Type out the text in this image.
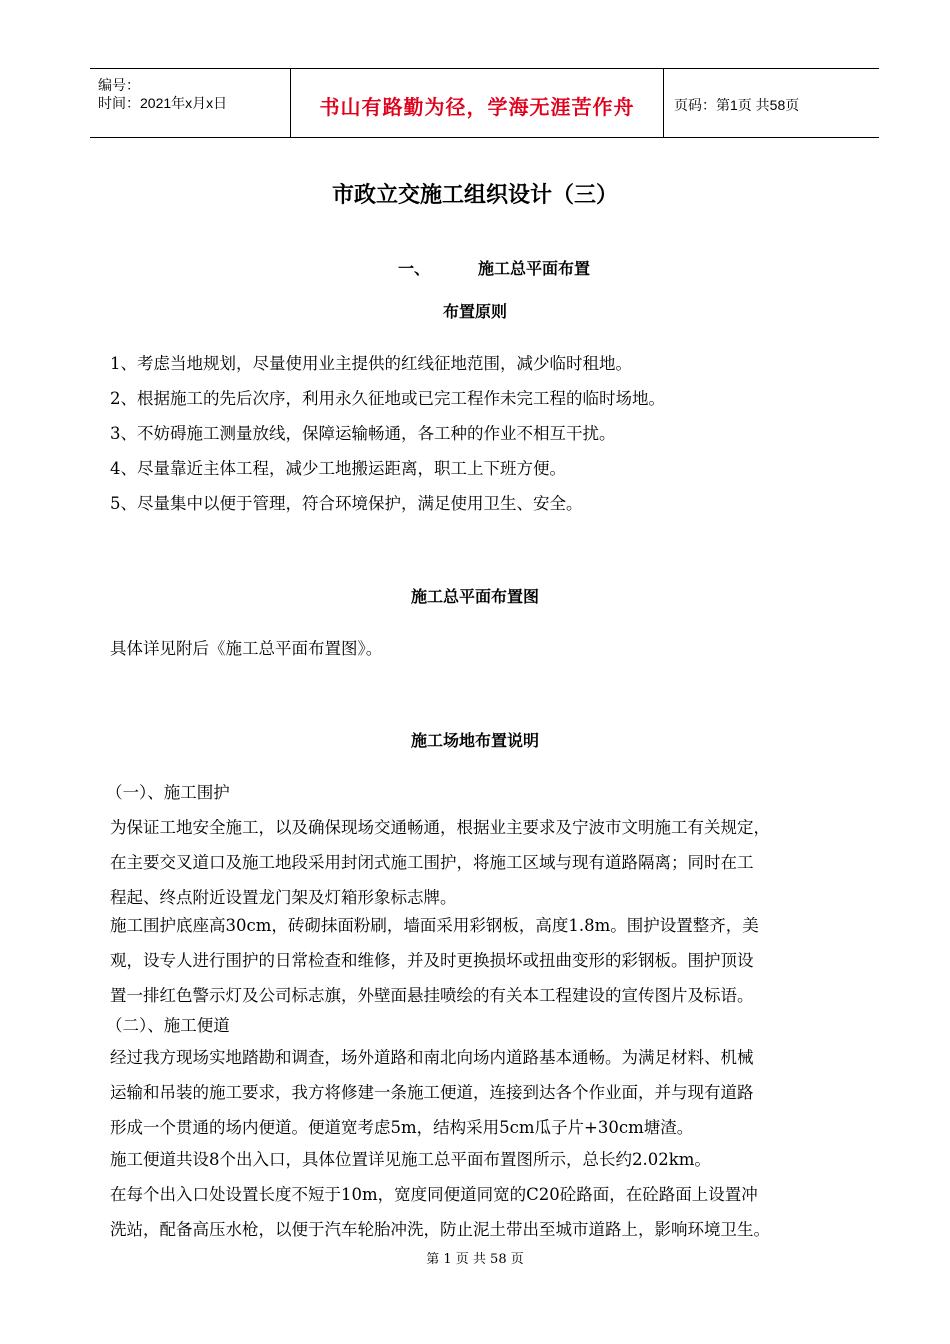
编号：
时间：2021年x月x日	书山有路勤为径，学海无涯苦作舟	页码：第1页 共58页
市政立交施工组织设计（三）
一、	施工总平面布置
布置原则
1、考虑当地规划，尽量使用业主提供的红线征地范围，减少临时租地。
2、根据施工的先后次序，利用永久征地或已完工程作未完工程的临时场地。
3、不妨碍施工测量放线，保障运输畅通，各工种的作业不相互干扰。
4、尽量靠近主体工程，减少工地搬运距离，职工上下班方便。
5、尽量集中以便于管理，符合环境保护，满足使用卫生、安全。
施工总平面布置图
具体详见附后《施工总平面布置图》。
施工场地布置说明
（一）、施工围护
为保证工地安全施工，以及确保现场交通畅通，根据业主要求及宁波市文明施工有关规定，
在主要交叉道口及施工地段采用封闭式施工围护，将施工区域与现有道路隔离；同时在工
程起、终点附近设置龙门架及灯箱形象标志牌。
施工围护底座高30cm，砖砌抹面粉刷，墙面采用彩钢板，高度1.8m。围护设置整齐，美
观，设专人进行围护的日常检查和维修，并及时更换损坏或扭曲变形的彩钢板。围护顶设
置一排红色警示灯及公司标志旗，外壁面悬挂喷绘的有关本工程建设的宣传图片及标语。
（二）、施工便道
经过我方现场实地踏勘和调查，场外道路和南北向场内道路基本通畅。为满足材料、机械
运输和吊装的施工要求，我方将修建一条施工便道，连接到达各个作业面，并与现有道路
形成一个贯通的场内便道。便道宽考虑5m，结构采用5cm瓜子片+30cm塘渣。
施工便道共设8个出入口，具体位置详见施工总平面布置图所示，总长约2.02km。
在每个出入口处设置长度不短于10m，宽度同便道同宽的C20砼路面，在砼路面上设置冲
洗站，配备高压水枪，以便于汽车轮胎冲洗，防止泥土带出至城市道路上，影响环境卫生。
第 1 页 共 58 页
